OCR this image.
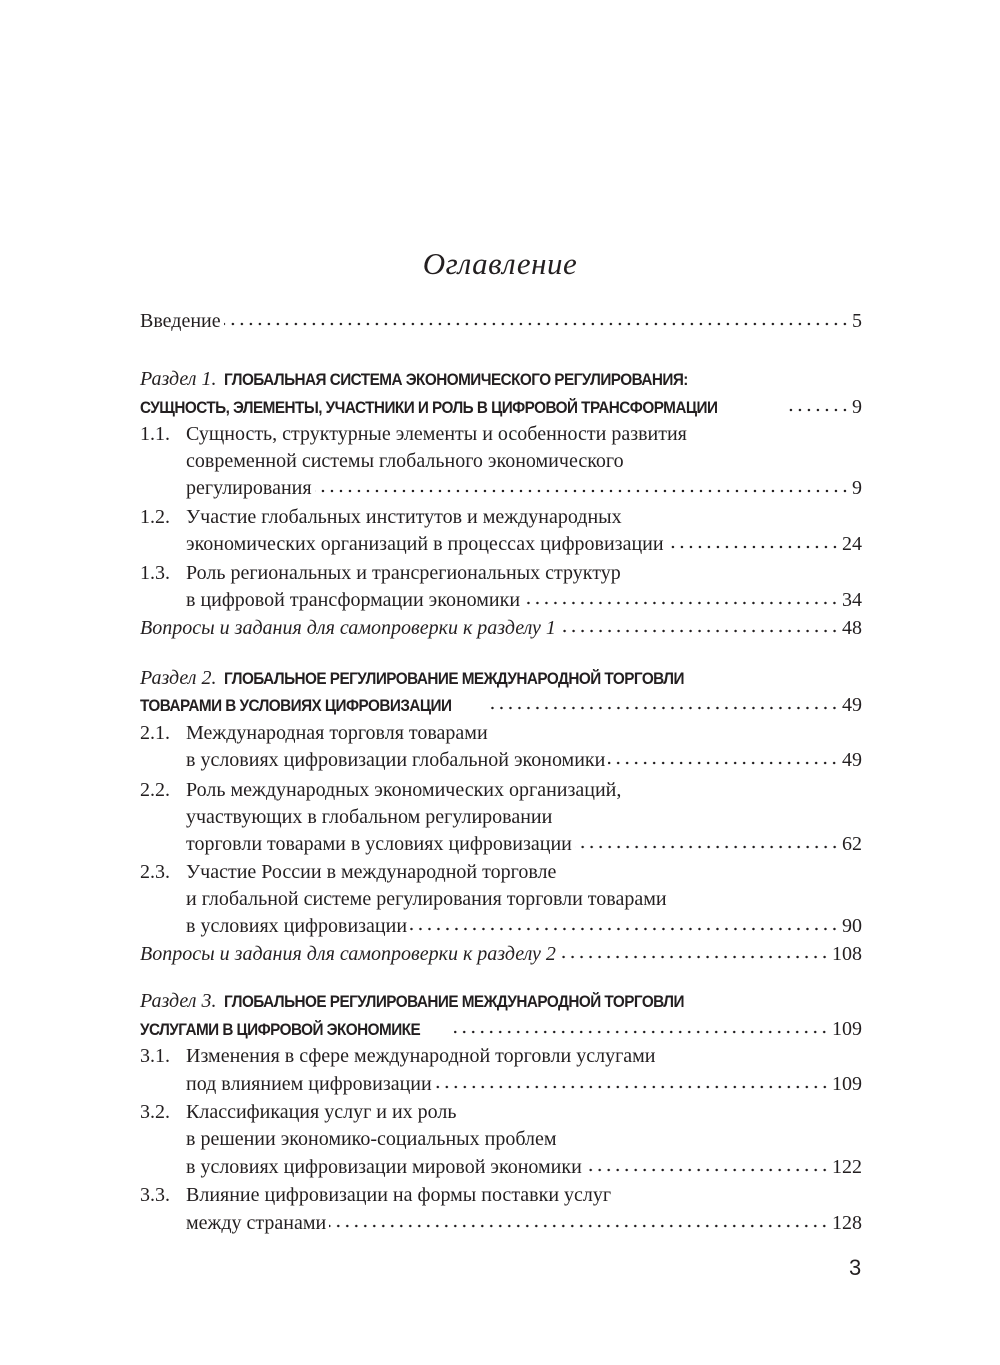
Оглавление
Введение	5
Раздел 1. ГЛОБАЛЬНАЯ СИСТЕМА ЭКОНОМИЧЕСКОГО РЕГУЛИРОВАНИЯ:
СУЩНОСТЬ, ЭЛЕМЕНТЫ, УЧАСТНИКИ И РОЛЬ В ЦИФРОВОЙ ТРАНСФОРМАЦИИ	9
1.1. Сущность, структурные элементы и особенности развития
современной системы глобального экономического
регулирования	9
1.2. Участие глобальных институтов и международных
экономических организаций в процессах цифровизации	24
1.3. Роль региональных и трансрегиональных структур
в цифровой трансформации экономики	34
Вопросы и задания для самопроверки к разделу 1	48
Раздел 2. ГЛОБАЛЬНОЕ РЕГУЛИРОВАНИЕ МЕЖДУНАРОДНОЙ ТОРГОВЛИ
ТОВАРАМИ В УСЛОВИЯХ ЦИФРОВИЗАЦИИ	49
2.1. Международная торговля товарами
в условиях цифровизации глобальной экономики	49
2.2. Роль международных экономических организаций,
участвующих в глобальном регулировании
торговли товарами в условиях цифровизации	62
2.3. Участие России в международной торговле
и глобальной системе регулирования торговли товарами
в условиях цифровизации	90
Вопросы и задания для самопроверки к разделу 2	108
Раздел 3. ГЛОБАЛЬНОЕ РЕГУЛИРОВАНИЕ МЕЖДУНАРОДНОЙ ТОРГОВЛИ
УСЛУГАМИ В ЦИФРОВОЙ ЭКОНОМИКЕ	109
3.1. Изменения в сфере международной торговли услугами
под влиянием цифровизации	109
3.2. Классификация услуг и их роль
в решении экономико-социальных проблем
в условиях цифровизации мировой экономики	122
3.3. Влияние цифровизации на формы поставки услуг
между странами	128
3
